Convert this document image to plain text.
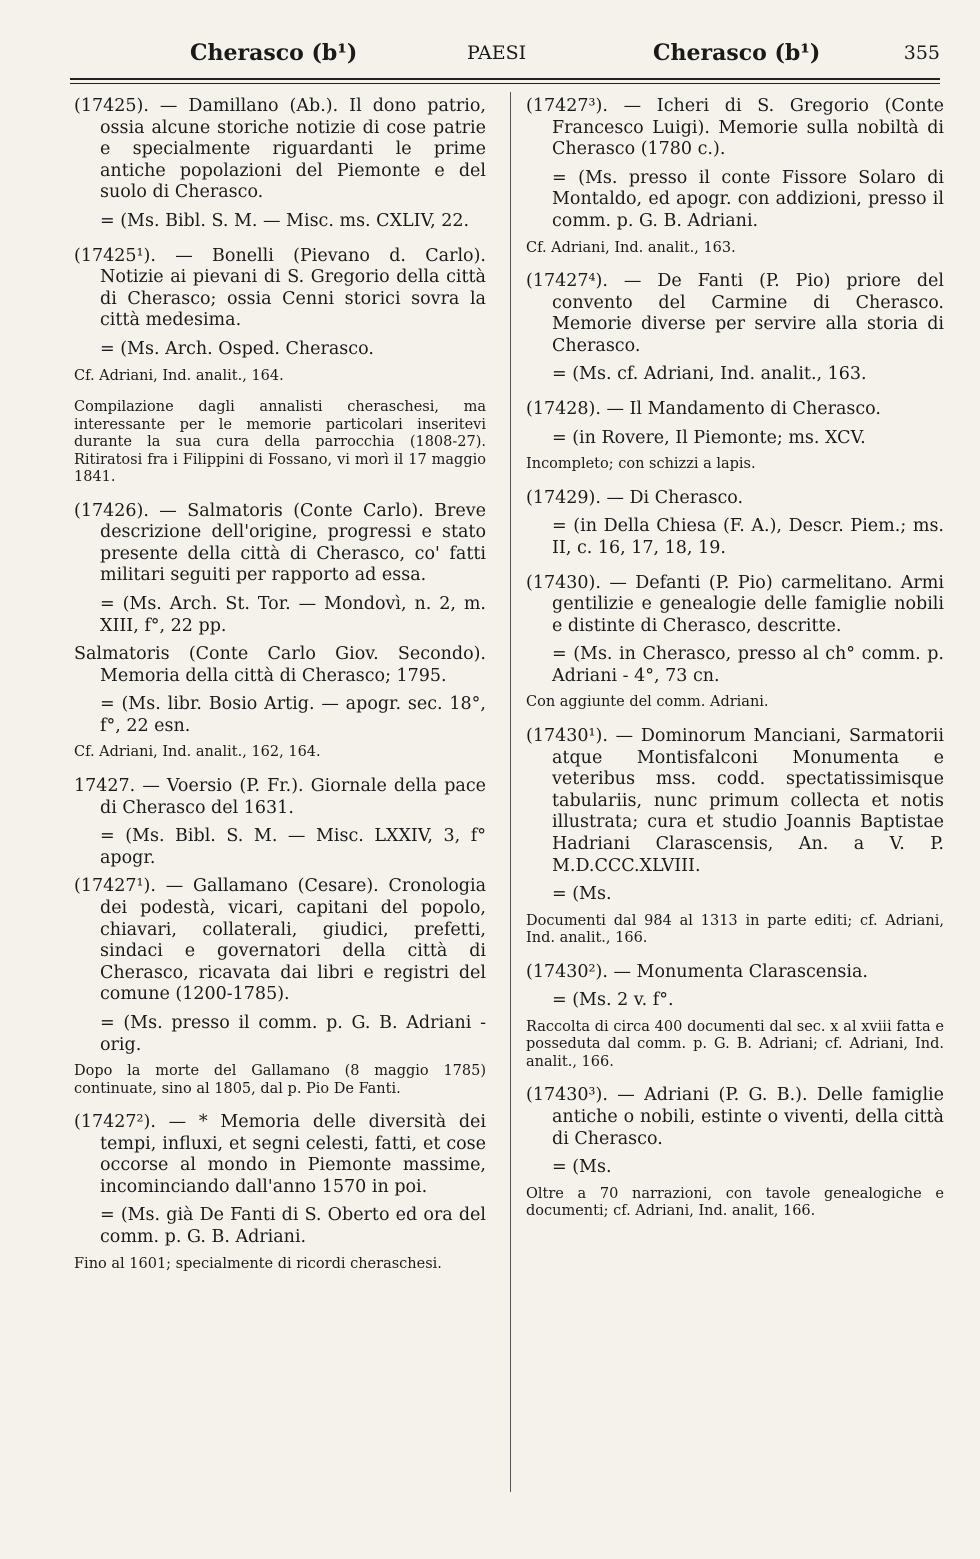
Cherasco (b¹)	PAESI	Cherasco (b¹)	355

(17425). — Damillano (Ab.). Il dono patrio, ossia alcune storiche notizie di cose patrie e specialmente riguardanti le prime antiche popolazioni del Piemonte e del suolo di Cherasco.

= (Ms. Bibl. S. M. — Misc. ms. CXLIV, 22.

(17425¹). — Bonelli (Pievano d. Carlo). Notizie ai pievani di S. Gregorio della città di Cherasco; ossia Cenni storici sovra la città medesima.

= (Ms. Arch. Osped. Cherasco.

Cf. Adriani, Ind. analit., 164.

Compilazione dagli annalisti cheraschesi, ma interessante per le memorie particolari inseritevi durante la sua cura della parrocchia (1808-27). Ritiratosi fra i Filippini di Fossano, vi morì il 17 maggio 1841.

(17426). — Salmatoris (Conte Carlo). Breve descrizione dell'origine, progressi e stato presente della città di Cherasco, co' fatti militari seguiti per rapporto ad essa.

= (Ms. Arch. St. Tor. — Mondovì, n. 2, m. XIII, f°, 22 pp.

Salmatoris (Conte Carlo Giov. Secondo). Memoria della città di Cherasco; 1795.

= (Ms. libr. Bosio Artig. — apogr. sec. 18°, f°, 22 esn.

Cf. Adriani, Ind. analit., 162, 164.

17427. — Voersio (P. Fr.). Giornale della pace di Cherasco del 1631.

= (Ms. Bibl. S. M. — Misc. LXXIV, 3, f° apogr.

(17427¹). — Gallamano (Cesare). Cronologia dei podestà, vicari, capitani del popolo, chiavari, collaterali, giudici, prefetti, sindaci e governatori della città di Cherasco, ricavata dai libri e registri del comune (1200-1785).

= (Ms. presso il comm. p. G. B. Adriani - orig.

Dopo la morte del Gallamano (8 maggio 1785) continuate, sino al 1805, dal p. Pio De Fanti.

(17427²). — * Memoria delle diversità dei tempi, influxi, et segni celesti, fatti, et cose occorse al mondo in Piemonte massime, incominciando dall'anno 1570 in poi.

= (Ms. già De Fanti di S. Oberto ed ora del comm. p. G. B. Adriani.

Fino al 1601; specialmente di ricordi cheraschesi.

(17427³). — Icheri di S. Gregorio (Conte Francesco Luigi). Memorie sulla nobiltà di Cherasco (1780 c.).

= (Ms. presso il conte Fissore Solaro di Montaldo, ed apogr. con addizioni, presso il comm. p. G. B. Adriani.

Cf. Adriani, Ind. analit., 163.

(17427⁴). — De Fanti (P. Pio) priore del convento del Carmine di Cherasco. Memorie diverse per servire alla storia di Cherasco.

= (Ms. cf. Adriani, Ind. analit., 163.

(17428). — Il Mandamento di Cherasco.

= (in Rovere, Il Piemonte; ms. XCV.

Incompleto; con schizzi a lapis.

(17429). — Di Cherasco.

= (in Della Chiesa (F. A.), Descr. Piem.; ms. II, c. 16, 17, 18, 19.

(17430). — Defanti (P. Pio) carmelitano. Armi gentilizie e genealogie delle famiglie nobili e distinte di Cherasco, descritte.

= (Ms. in Cherasco, presso al ch° comm. p. Adriani - 4°, 73 cn.

Con aggiunte del comm. Adriani.

(17430¹). — Dominorum Manciani, Sarmatorii atque Montisfalconi Monumenta e veteribus mss. codd. spectatissimisque tabulariis, nunc primum collecta et notis illustrata; cura et studio Joannis Baptistae Hadriani Clarascensis, An. a V. P. M.D.CCC.XLVIII.

= (Ms.

Documenti dal 984 al 1313 in parte editi; cf. Adriani, Ind. analit., 166.

(17430²). — Monumenta Clarascensia.

= (Ms. 2 v. f°.

Raccolta di circa 400 documenti dal sec. x al xviii fatta e posseduta dal comm. p. G. B. Adriani; cf. Adriani, Ind. analit., 166.

(17430³). — Adriani (P. G. B.). Delle famiglie antiche o nobili, estinte o viventi, della città di Cherasco.

= (Ms.

Oltre a 70 narrazioni, con tavole genealogiche e documenti; cf. Adriani, Ind. analit, 166.
